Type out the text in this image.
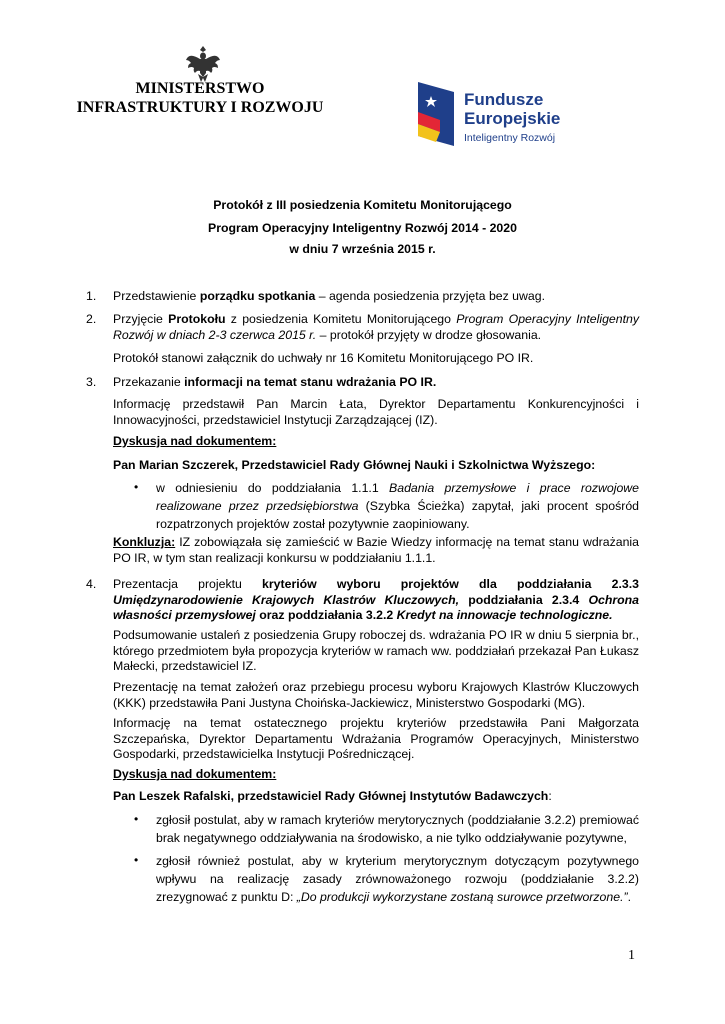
MINISTERSTWO
INFRASTRUKTURY I ROZWOJU	Fundusze
Europejskie
Inteligentny Rozwój
Protokół z III posiedzenia Komitetu Monitorującego
Program Operacyjny Inteligentny Rozwój 2014 - 2020
w dniu 7 września 2015 r.
1.	Przedstawienie porządku spotkania – agenda posiedzenia przyjęta bez uwag.
2.	Przyjęcie Protokołu z posiedzenia Komitetu Monitorującego Program Operacyjny Inteligentny Rozwój w dniach 2-3 czerwca 2015 r. – protokół przyjęty w drodze głosowania.
Protokół stanowi załącznik do uchwały nr 16 Komitetu Monitorującego PO IR.
3.	Przekazanie informacji na temat stanu wdrażania PO IR.
Informację przedstawił Pan Marcin Łata, Dyrektor Departamentu Konkurencyjności i Innowacyjności, przedstawiciel Instytucji Zarządzającej (IZ).
Dyskusja nad dokumentem:
Pan Marian Szczerek, Przedstawiciel Rady Głównej Nauki i Szkolnictwa Wyższego:
•	w odniesieniu do poddziałania 1.1.1 Badania przemysłowe i prace rozwojowe realizowane przez przedsiębiorstwa (Szybka Ścieżka) zapytał, jaki procent spośród rozpatrzonych projektów został pozytywnie zaopiniowany.
Konkluzja: IZ zobowiązała się zamieścić w Bazie Wiedzy informację na temat stanu wdrażania PO IR, w tym stan realizacji konkursu w poddziałaniu 1.1.1.
4.	Prezentacja projektu kryteriów wyboru projektów dla poddziałania 2.3.3 Umiędzynarodowienie Krajowych Klastrów Kluczowych, poddziałania 2.3.4 Ochrona własności przemysłowej oraz poddziałania 3.2.2 Kredyt na innowacje technologiczne.
Podsumowanie ustaleń z posiedzenia Grupy roboczej ds. wdrażania PO IR w dniu 5 sierpnia br., którego przedmiotem była propozycja kryteriów w ramach ww. poddziałań przekazał Pan Łukasz Małecki, przedstawiciel IZ.
Prezentację na temat założeń oraz przebiegu procesu wyboru Krajowych Klastrów Kluczowych (KKK) przedstawiła Pani Justyna Choińska-Jackiewicz, Ministerstwo Gospodarki (MG).
Informację na temat ostatecznego projektu kryteriów przedstawiła Pani Małgorzata Szczepańska, Dyrektor Departamentu Wdrażania Programów Operacyjnych, Ministerstwo Gospodarki, przedstawicielka Instytucji Pośredniczącej.
Dyskusja nad dokumentem:
Pan Leszek Rafalski, przedstawiciel Rady Głównej Instytutów Badawczych:
•	zgłosił postulat, aby w ramach kryteriów merytorycznych (poddziałanie 3.2.2) premiować brak negatywnego oddziaływania na środowisko, a nie tylko oddziaływanie pozytywne,
•	zgłosił również postulat, aby w kryterium merytorycznym dotyczącym pozytywnego wpływu na realizację zasady zrównoważonego rozwoju (poddziałanie 3.2.2) zrezygnować z punktu D: „Do produkcji wykorzystane zostaną surowce przetworzone.”.
1
